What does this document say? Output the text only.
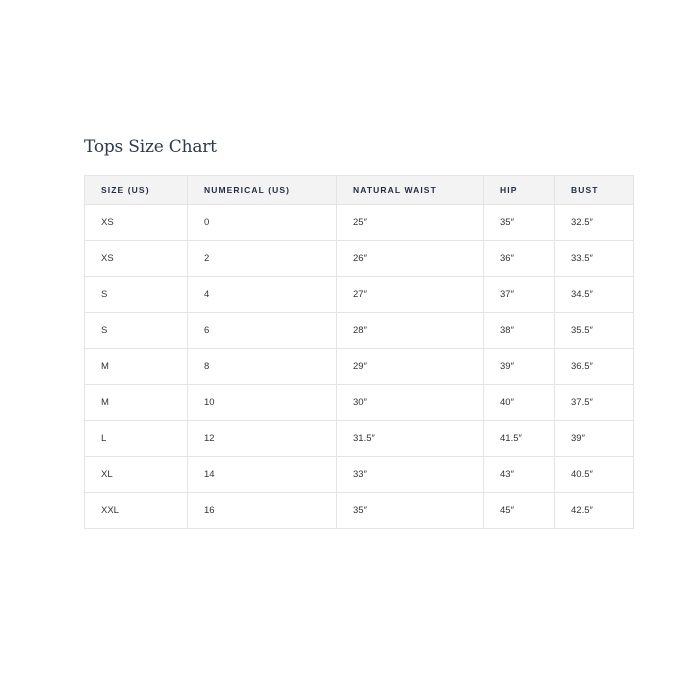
Tops Size Chart
SIZE (US)	NUMERICAL (US)	NATURAL WAIST	HIP	BUST
XS	0	25″	35″	32.5″
XS	2	26″	36″	33.5″
S	4	27″	37″	34.5″
S	6	28″	38″	35.5″
M	8	29″	39″	36.5″
M	10	30″	40″	37.5″
L	12	31.5″	41.5″	39″
XL	14	33″	43″	40.5″
XXL	16	35″	45″	42.5″
